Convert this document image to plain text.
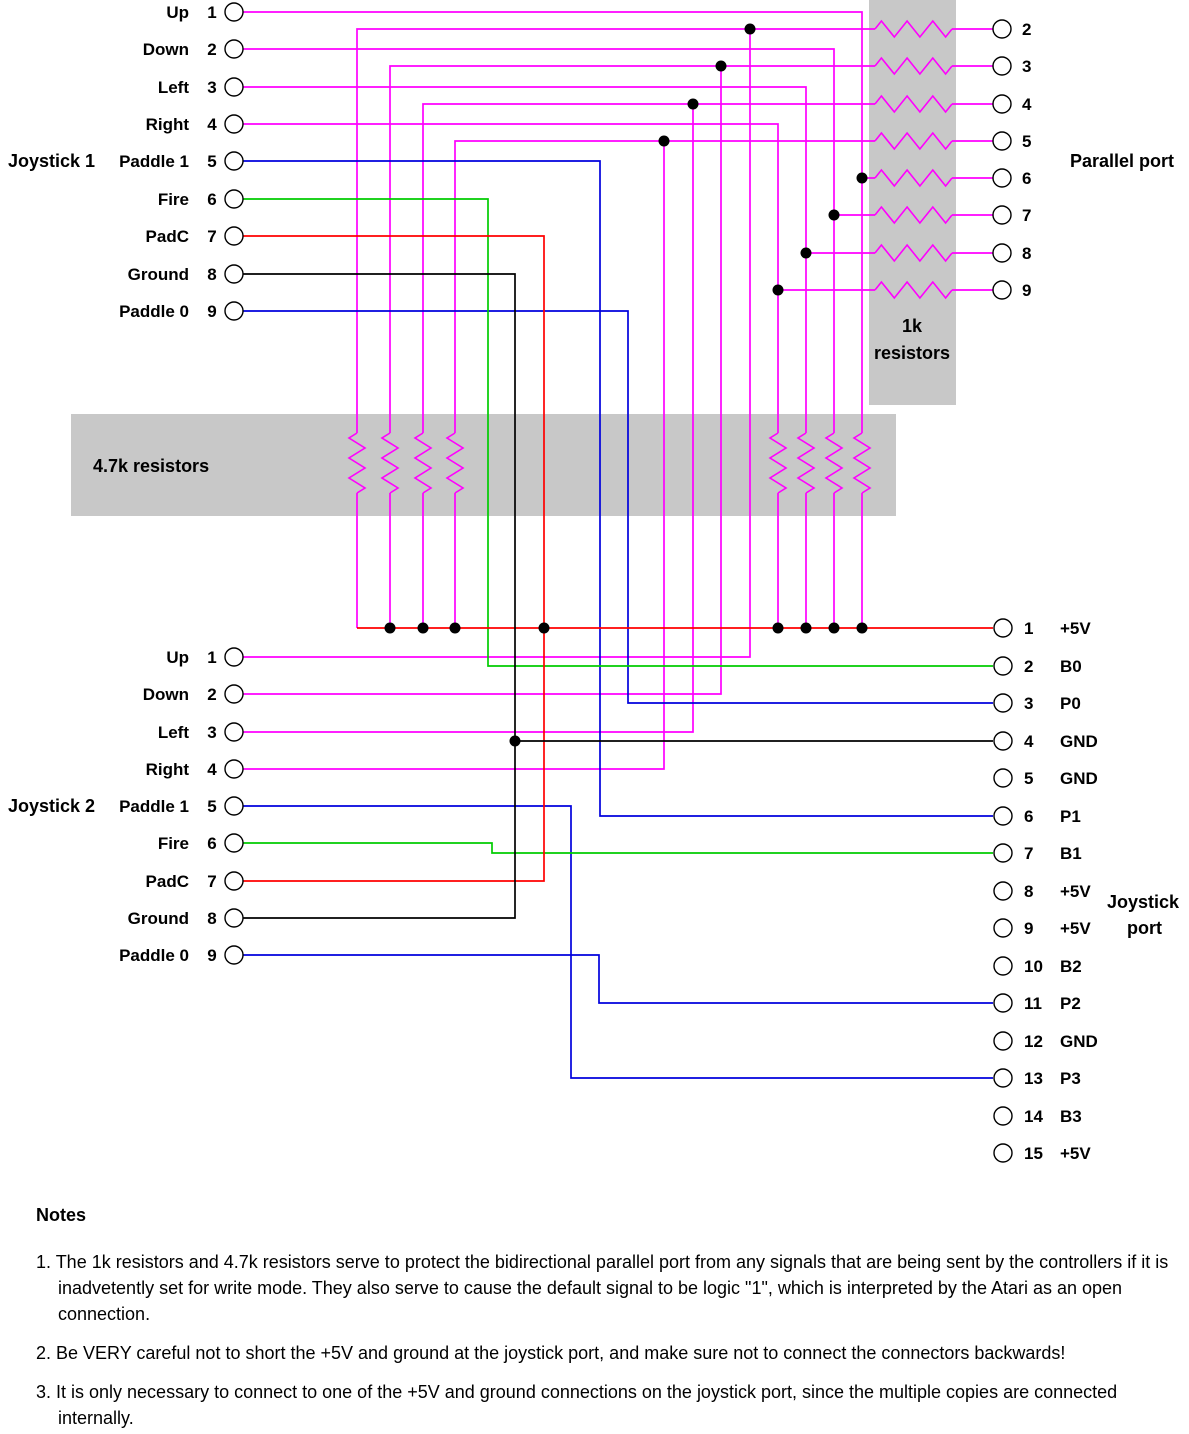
Joystick 1
Joystick 2
Parallel port
Joystick
port
1k
resistors
4.7k resistors
Up 1
Down 2
Left 3
Right 4
Paddle 1 5
Fire 6
PadC 7
Ground 8
Paddle 0 9
Up 1
Down 2
Left 3
Right 4
Paddle 1 5
Fire 6
PadC 7
Ground 8
Paddle 0 9
2
3
4
5
6
7
8
9
1 +5V
2 B0
3 P0
4 GND
5 GND
6 P1
7 B1
8 +5V
9 +5V
10 B2
11 P2
12 GND
13 P3
14 B3
15 +5V
Notes
1. The 1k resistors and 4.7k resistors serve to protect the bidirectional parallel port from any signals that are being sent by the controllers if it is inadvetently set for write mode. They also serve to cause the default signal to be logic "1", which is interpreted by the Atari as an open connection.
2. Be VERY careful not to short the +5V and ground at the joystick port, and make sure not to connect the connectors backwards!
3. It is only necessary to connect to one of the +5V and ground connections on the joystick port, since the multiple copies are connected internally.
